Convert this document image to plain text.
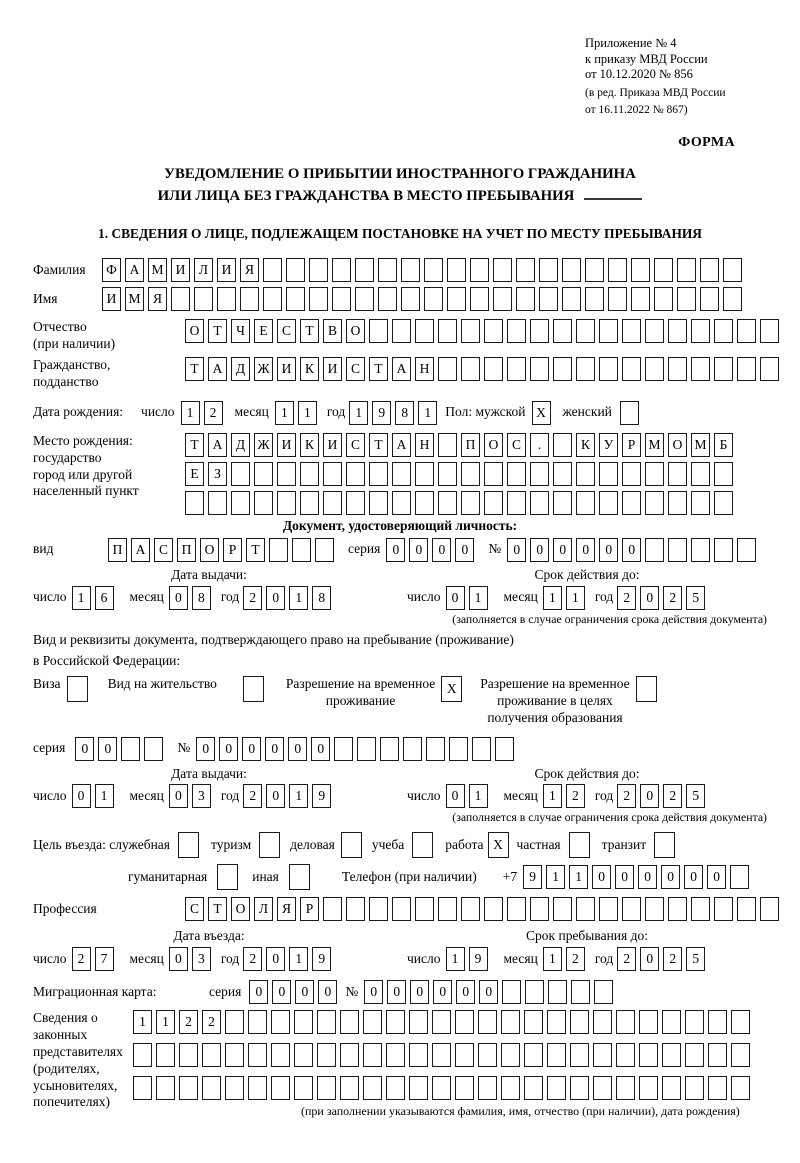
Приложение № 4
к приказу МВД России
от 10.12.2020 № 856
(в ред. Приказа МВД России
от 16.11.2022 № 867)
ФОРМА
УВЕДОМЛЕНИЕ О ПРИБЫТИИ ИНОСТРАННОГО ГРАЖДАНИНА
ИЛИ ЛИЦА БЕЗ ГРАЖДАНСТВА В МЕСТО ПРЕБЫВАНИЯ
1. СВЕДЕНИЯ О ЛИЦЕ, ПОДЛЕЖАЩЕМ ПОСТАНОВКЕ НА УЧЕТ ПО МЕСТУ ПРЕБЫВАНИЯ
Фамилия	Ф А М И	Л	И	Я
Имя	И М Я
Отчество
(при наличии)
О	Т	Ч	Е	С	Т	В	О
Гражданство,
подданство
Т	А	Д Ж И	К	И	С	Т	А Н
Дата рождения: число 1	2	месяц 1	1	год 1	9	8	1	Пол: мужской X	женский
Место рождения:
государство
город или другой
населенный пункт
Т	А	Д Ж И	К	И	С	Т	А Н	П О	С	.	К	У	Р М О М Б
Е	З
Документ, удостоверяющий личность:
вид	П А	С	П О	Р	Т	серия 0	0	0	0	№ 0	0	0	0	0	0
Дата выдачи:
число 1	6	месяц 0	8	год 2	0	1	8
Срок действия до:
число 0	1	месяц 1	1	год 2	0	2	5
(заполняется в случае ограничения срока действия документа)
Вид и реквизиты документа, подтверждающего право на пребывание (проживание)
в Российской Федерации:
Виза	Вид на жительство	Разрешение на временное
проживание
X	Разрешение на временное
проживание в целях
получения образования
серия	0	0	№ 0	0	0	0	0	0
Дата выдачи:
число 0	1	месяц 0	3	год 2	0	1	9
Срок действия до:
число 0	1	месяц 1	2	год 2	0	2	5
(заполняется в случае ограничения срока действия документа)
Цель въезда: служебная	туризм	деловая	учеба	работа X	частная	транзит
гуманитарная	иная	Телефон (при наличии) +7 9	1	1	0	0	0	0	0	0
Профессия	С	Т	О	Л	Я	Р
Дата въезда:
число 2	7	месяц 0	3	год 2	0	1	9
Срок пребывания до:
число 1	9	месяц 1	2	год 2	0	2	5
Миграционная карта:	серия	0	0	0	0	№ 0	0	0	0	0	0
Сведения о
законных
представителях
(родителях,
усыновителях,
попечителях)
1	1	2	2
(при заполнении указываются фамилия, имя, отчество (при наличии), дата рождения)
